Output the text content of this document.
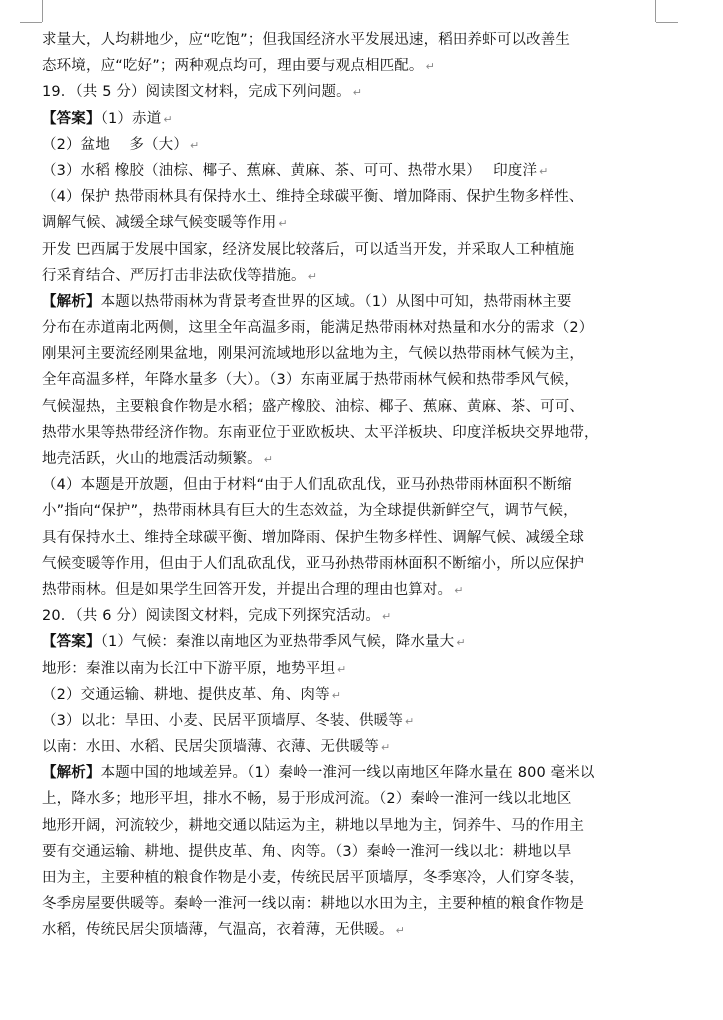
求量大，人均耕地少，应“吃饱”；但我国经济水平发展迅速，稻田养虾可以改善生
态环境，应“吃好”；两种观点均可，理由要与观点相匹配。 ↵
19．（共 5 分）阅读图文材料，完成下列问题。 ↵
【答案】（1）赤道 ↵
（2）盆地　 多（大） ↵
（3）水稻 橡胶（油棕、椰子、蕉麻、黄麻、茶、可可、热带水果）　 印度洋 ↵
（4）保护 热带雨林具有保持水土、维持全球碳平衡、增加降雨、保护生物多样性、
调解气候、减缓全球气候变暖等作用 ↵
开发 巴西属于发展中国家，经济发展比较落后，可以适当开发，并采取人工种植施
行采育结合、严厉打击非法砍伐等措施。 ↵
【解析】本题以热带雨林为背景考查世界的区域。（1）从图中可知，热带雨林主要
分布在赤道南北两侧，这里全年高温多雨，能满足热带雨林对热量和水分的需求（2）
刚果河主要流经刚果盆地，刚果河流域地形以盆地为主，气候以热带雨林气候为主，
全年高温多样，年降水量多（大）。（3）东南亚属于热带雨林气候和热带季风气候，
气候湿热，主要粮食作物是水稻；盛产橡胶、油棕、椰子、蕉麻、黄麻、茶、可可、
热带水果等热带经济作物。东南亚位于亚欧板块、太平洋板块、印度洋板块交界地带，
地壳活跃，火山的地震活动频繁。 ↵
（4）本题是开放题，但由于材料“由于人们乱砍乱伐，亚马孙热带雨林面积不断缩
小”指向“保护”，热带雨林具有巨大的生态效益，为全球提供新鲜空气，调节气候，
具有保持水土、维持全球碳平衡、增加降雨、保护生物多样性、调解气候、减缓全球
气候变暖等作用，但由于人们乱砍乱伐，亚马孙热带雨林面积不断缩小，所以应保护
热带雨林。但是如果学生回答开发，并提出合理的理由也算对。 ↵
20．（共 6 分）阅读图文材料，完成下列探究活动。 ↵
【答案】（1）气候：秦淮以南地区为亚热带季风气候，降水量大 ↵
地形：秦淮以南为长江中下游平原，地势平坦 ↵
（2）交通运输、耕地、提供皮革、角、肉等 ↵
（3）以北：旱田、小麦、民居平顶墙厚、冬装、供暖等 ↵
以南：水田、水稻、民居尖顶墙薄、衣薄、无供暖等 ↵
【解析】本题中国的地域差异。（1）秦岭一淮河一线以南地区年降水量在 800 毫米以
上，降水多；地形平坦，排水不畅，易于形成河流。（2）秦岭一淮河一线以北地区
地形开阔，河流较少，耕地交通以陆运为主，耕地以旱地为主，饲养牛、马的作用主
要有交通运输、耕地、提供皮革、角、肉等。（3）秦岭一淮河一线以北：耕地以旱
田为主，主要种植的粮食作物是小麦，传统民居平顶墙厚，冬季寒冷，人们穿冬装，
冬季房屋要供暖等。秦岭一淮河一线以南：耕地以水田为主，主要种植的粮食作物是
水稻，传统民居尖顶墙薄，气温高，衣着薄，无供暖。 ↵
